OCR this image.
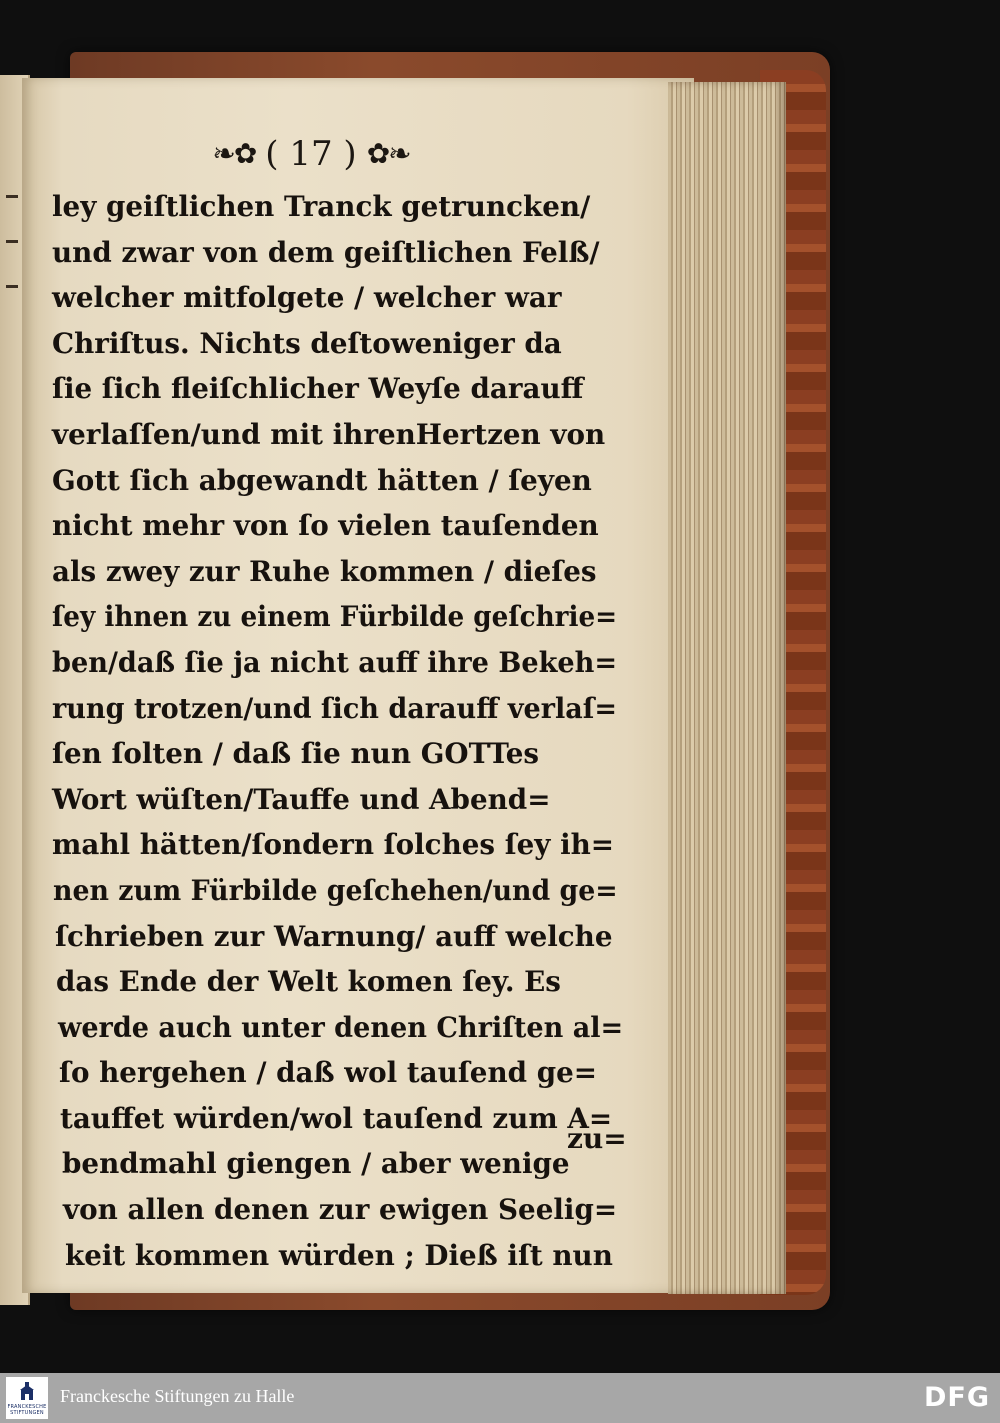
❧✿ ( 17 ) ✿❧
ley geiſtlichen Tranck getruncken/
und zwar von dem geiſtlichen Felß/
welcher mitfolgete / welcher war
Chriſtus. Nichts deſtoweniger da
ſie ſich fleiſchlicher Weyſe darauff
verlaſſen/und mit ihrenHertzen von
Gott ſich abgewandt hätten / ſeyen
nicht mehr von ſo vielen tauſenden
als zwey zur Ruhe kommen / dieſes
ſey ihnen zu einem Fürbilde geſchrie=
ben/daß ſie ja nicht auff ihre Bekeh=
rung trotzen/und ſich darauff verlaſ=
ſen ſolten / daß ſie nun GOTTes
Wort wüſten/Tauffe und Abend=
mahl hätten/ſondern ſolches ſey ih=
nen zum Fürbilde geſchehen/und ge=
ſchrieben zur Warnung/ auff welche
das Ende der Welt komen ſey. Es
werde auch unter denen Chriſten al=
ſo hergehen / daß wol tauſend ge=
tauffet würden/wol tauſend zum A=
bendmahl giengen / aber wenige
von allen denen zur ewigen Seelig=
keit kommen würden ; Dieß iſt nun
zu=
FRANCKESCHE
STIFTUNGEN
Franckesche Stiftungen zu Halle	DFG
